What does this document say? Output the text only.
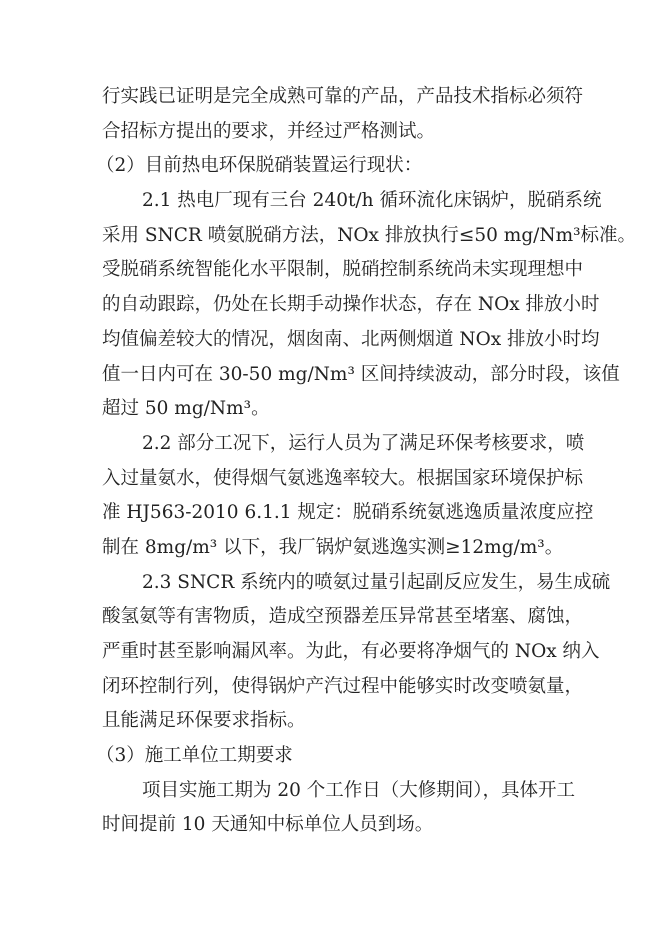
行实践已证明是完全成熟可靠的产品，产品技术指标必须符
合招标方提出的要求，并经过严格测试。
（2）目前热电环保脱硝装置运行现状：
2.1 热电厂现有三台 240t/h 循环流化床锅炉，脱硝系统
采用 SNCR 喷氨脱硝方法，NOx 排放执行≤50 mg/Nm³标准。
受脱硝系统智能化水平限制，脱硝控制系统尚未实现理想中
的自动跟踪，仍处在长期手动操作状态，存在 NOx 排放小时
均值偏差较大的情况，烟囱南、北两侧烟道 NOx 排放小时均
值一日内可在 30-50 mg/Nm³ 区间持续波动，部分时段，该值
超过 50 mg/Nm³。
2.2 部分工况下，运行人员为了满足环保考核要求，喷
入过量氨水，使得烟气氨逃逸率较大。根据国家环境保护标
准 HJ563-2010 6.1.1 规定：脱硝系统氨逃逸质量浓度应控
制在 8mg/m³ 以下，我厂锅炉氨逃逸实测≥12mg/m³。
2.3 SNCR 系统内的喷氨过量引起副反应发生，易生成硫
酸氢氨等有害物质，造成空预器差压异常甚至堵塞、腐蚀，
严重时甚至影响漏风率。为此，有必要将净烟气的 NOx 纳入
闭环控制行列，使得锅炉产汽过程中能够实时改变喷氨量，
且能满足环保要求指标。
（3）施工单位工期要求
项目实施工期为 20 个工作日（大修期间），具体开工
时间提前 10 天通知中标单位人员到场。
